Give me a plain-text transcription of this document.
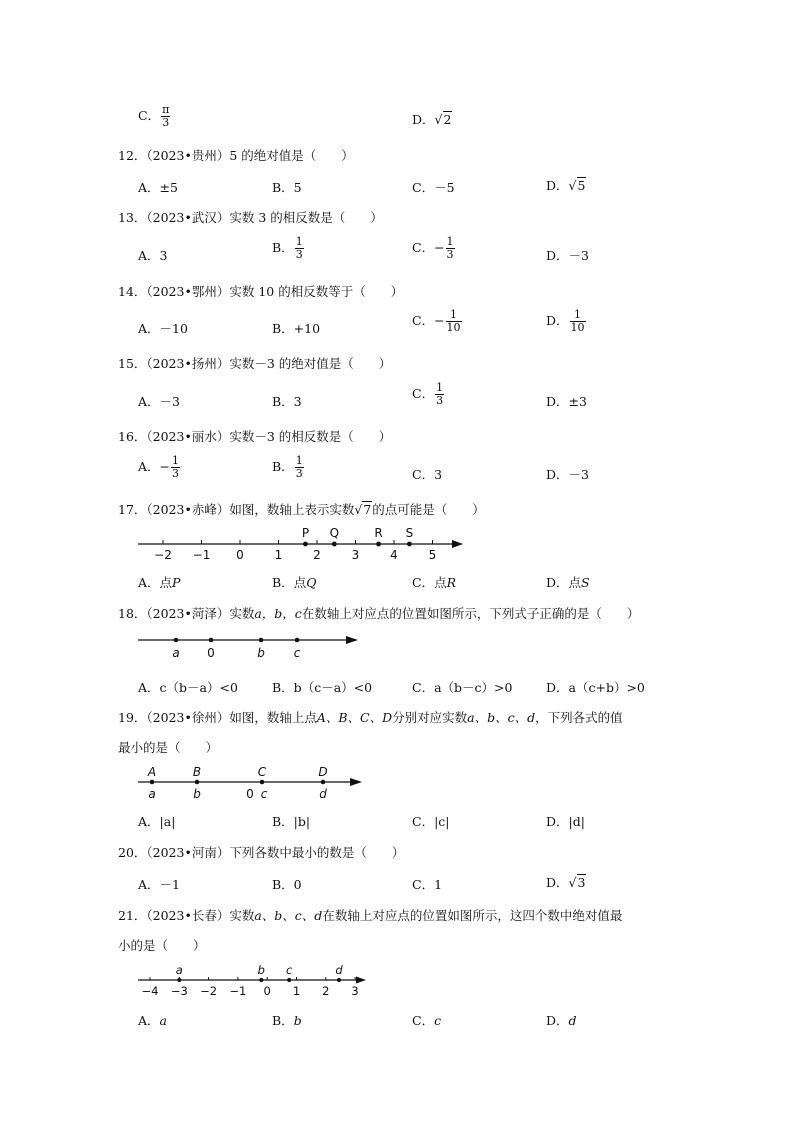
C． $\frac{\pi}{3}$	D．√2
12．（2023•贵州）5 的绝对值是（　　）
A．±5	B．5	C．－5	D．√5
13．（2023•武汉）实数 3 的相反数是（　　）
A．3
B． $\frac{1}{3}$	C．− $\frac{1}{3}$	D．－3
14．（2023•鄂州）实数 10 的相反数等于（　　）
A．－10	B．+10
C．− $\frac{1}{10}$	D． $\frac{1}{10}$
15．（2023•扬州）实数－3 的绝对值是（　　）
A．－3	B．3
C． $\frac{1}{3}$	D．±3
16．（2023•丽水）实数－3 的相反数是（　　）
A．− $\frac{1}{3}$	B． $\frac{1}{3}$	C．3	D．－3
17．（2023•赤峰）如图，数轴上表示实数√7的点可能是（　　）
−2 −1 0	1	2	3	4	5
P Q	R S
A．点P	B．点Q	C．点R	D．点S
18．（2023•菏泽）实数a，b，c在数轴上对应点的位置如图所示，下列式子正确的是（　　）
a 0	b c
A．c（b－a）<0	B．b（c－a）<0	C．a（b－c）>0	D．a（c+b）>0
19．（2023•徐州）如图，数轴上点A、B、C、D分别对应实数a、b、c、d，下列各式的值
最小的是（　　）
A	B	C	D
a	b	0 c	d
A．|a|	B．|b|	C．|c|	D．|d|
20．（2023•河南）下列各数中最小的数是（　　）
A．－1	B．0	C．1	D．√3
21．（2023•长春）实数a、b、c、d在数轴上对应点的位置如图所示，这四个数中绝对值最
小的是（　　）
−4 −3 −2 −1 0 1 2 3
a	b c	d
A．a	B．b	C．c	D．d
